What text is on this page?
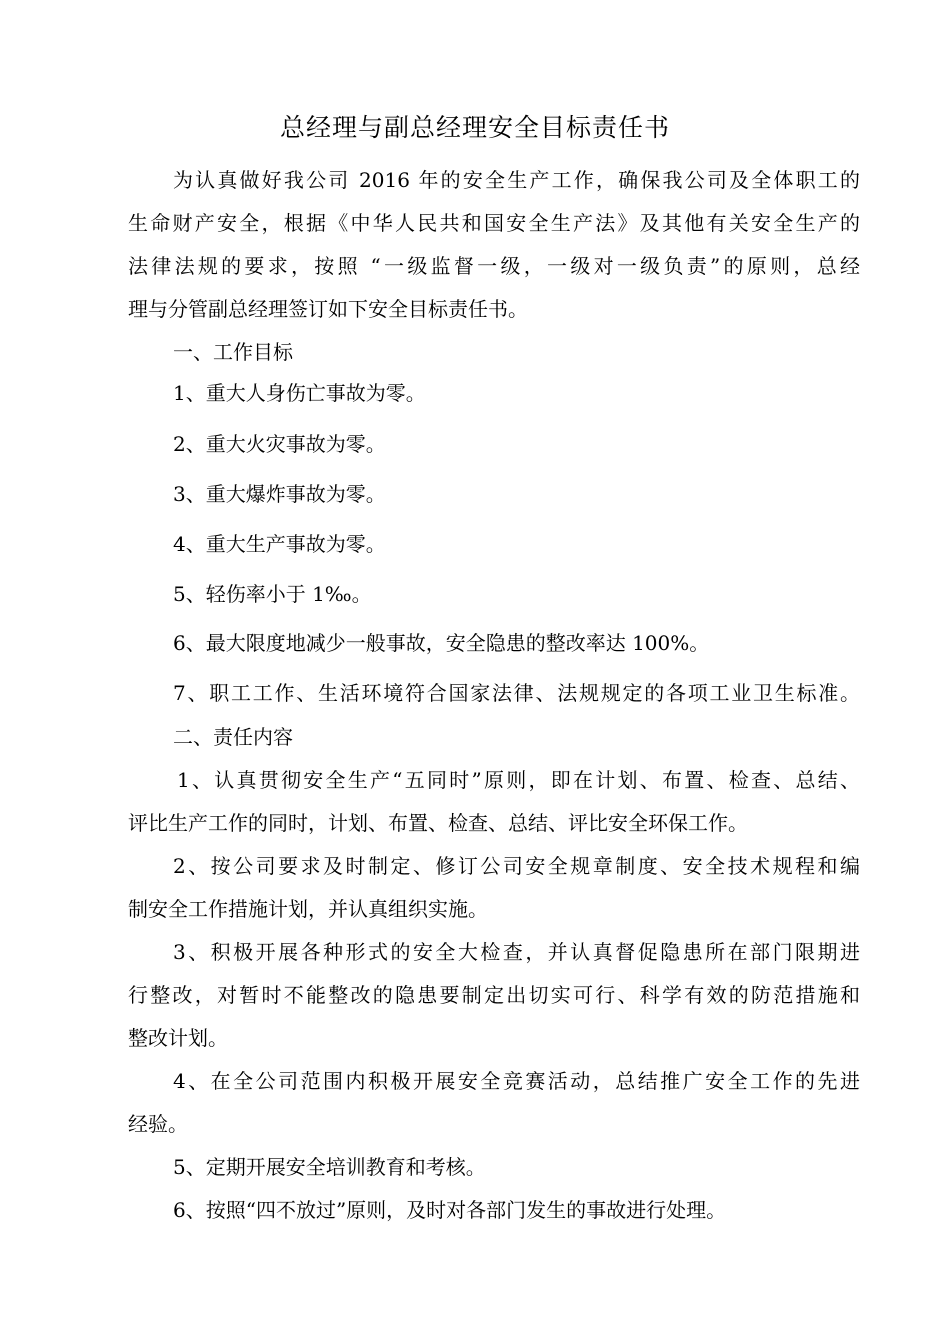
总经理与副总经理安全目标责任书

为认真做好我公司 2016 年的安全生产工作，确保我公司及全体职工的

生命财产安全，根据《中华人民共和国安全生产法》及其他有关安全生产的

法律法规的要求，按照 “一级监督一级，一级对一级负责”的原则，总经

理与分管副总经理签订如下安全目标责任书。

一、工作目标

1、重大人身伤亡事故为零。

2、重大火灾事故为零。

3、重大爆炸事故为零。

4、重大生产事故为零。

5、轻伤率小于 1‰。

6、最大限度地减少一般事故，安全隐患的整改率达 100%。

7、职工工作、生活环境符合国家法律、法规规定的各项工业卫生标准。

二、责任内容

1、认真贯彻安全生产“五同时”原则，即在计划、布置、检查、总结、

评比生产工作的同时，计划、布置、检查、总结、评比安全环保工作。

2、按公司要求及时制定、修订公司安全规章制度、安全技术规程和编

制安全工作措施计划，并认真组织实施。

3、积极开展各种形式的安全大检查，并认真督促隐患所在部门限期进

行整改，对暂时不能整改的隐患要制定出切实可行、科学有效的防范措施和

整改计划。

4、在全公司范围内积极开展安全竞赛活动，总结推广安全工作的先进

经验。

5、定期开展安全培训教育和考核。

6、按照“四不放过”原则，及时对各部门发生的事故进行处理。
